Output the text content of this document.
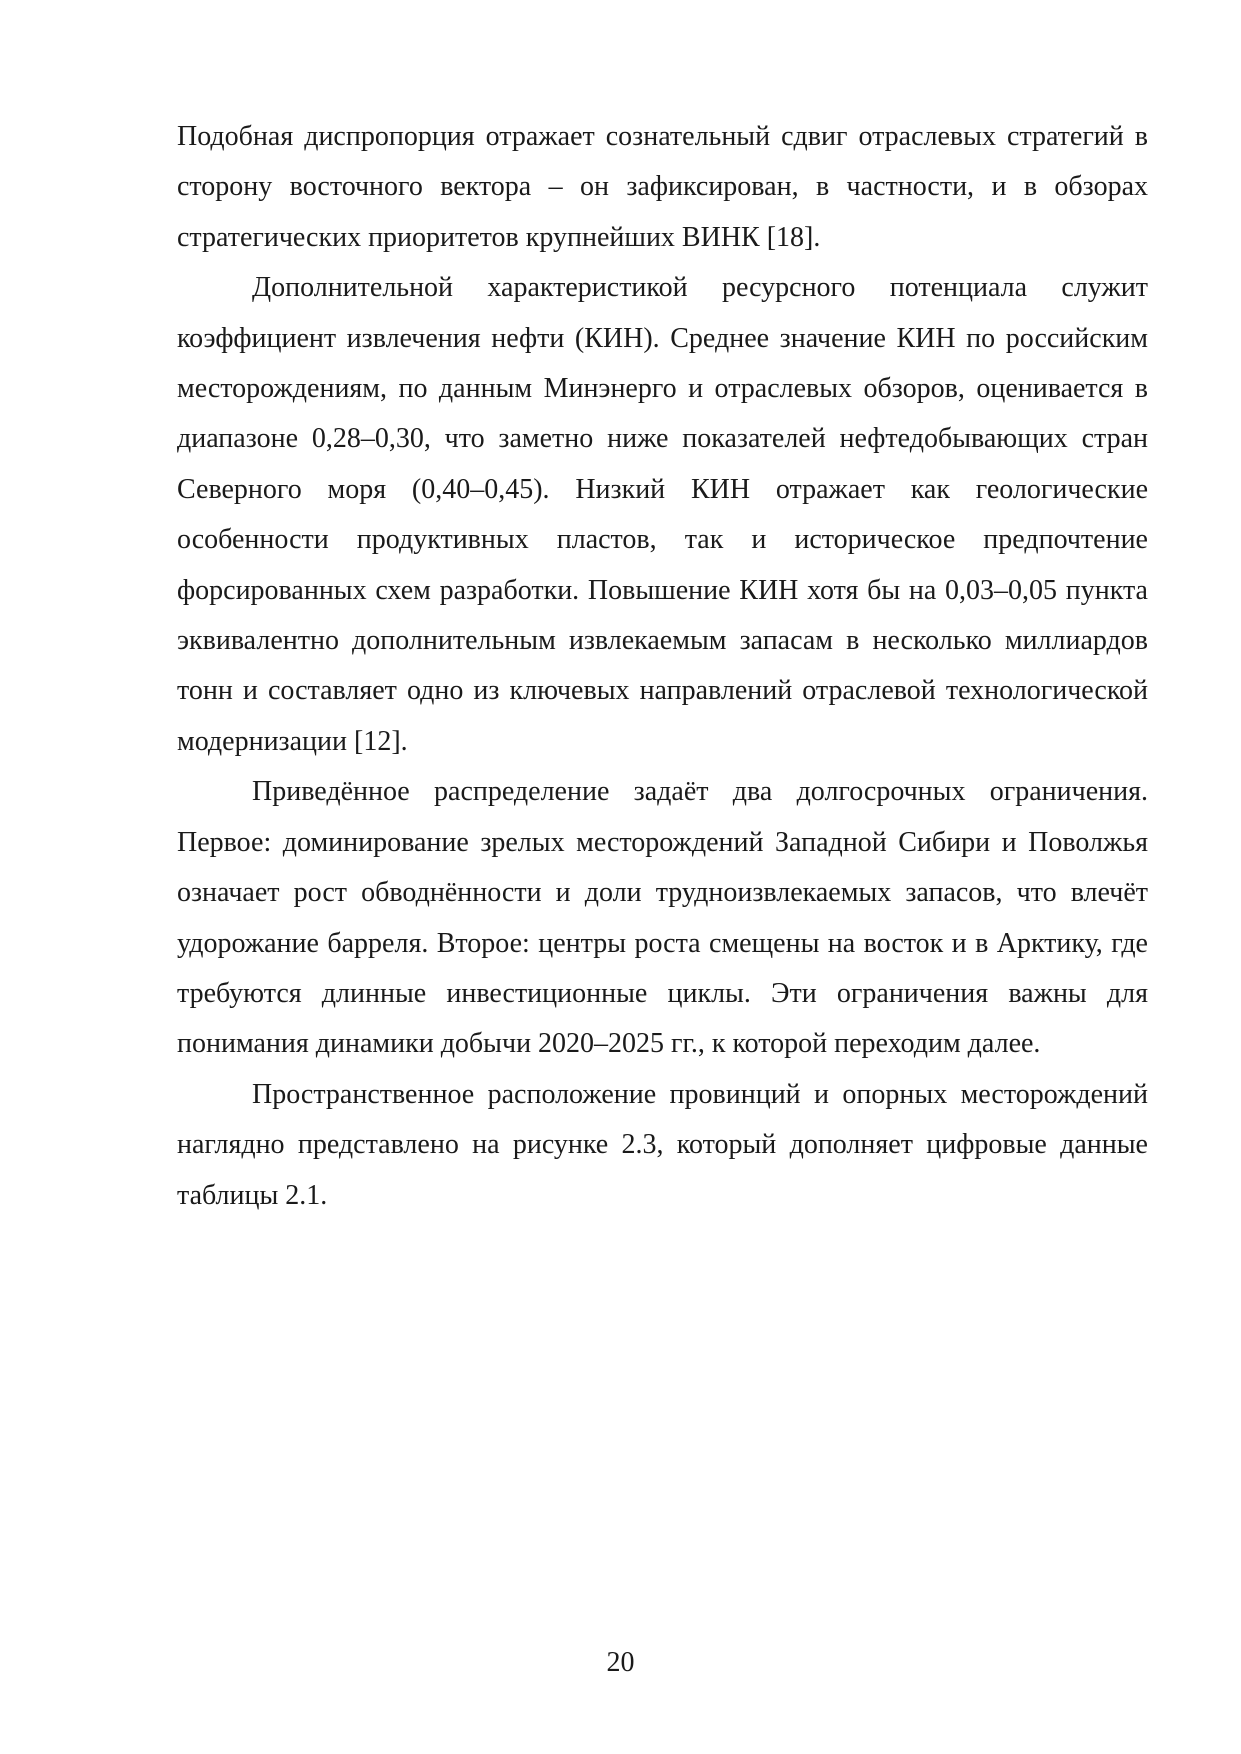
Подобная диспропорция отражает сознательный сдвиг отраслевых стратегий в сторону восточного вектора – он зафиксирован, в частности, и в обзорах стратегических приоритетов крупнейших ВИНК [18].

Дополнительной характеристикой ресурсного потенциала служит коэффициент извлечения нефти (КИН). Среднее значение КИН по российским месторождениям, по данным Минэнерго и отраслевых обзоров, оценивается в диапазоне 0,28–0,30, что заметно ниже показателей нефтедобывающих стран Северного моря (0,40–0,45). Низкий КИН отражает как геологические особенности продуктивных пластов, так и историческое предпочтение форсированных схем разработки. Повышение КИН хотя бы на 0,03–0,05 пункта эквивалентно дополнительным извлекаемым запасам в несколько миллиардов тонн и составляет одно из ключевых направлений отраслевой технологической модернизации [12].

Приведённое распределение задаёт два долгосрочных ограничения. Первое: доминирование зрелых месторождений Западной Сибири и Поволжья означает рост обводнённости и доли трудноизвлекаемых запасов, что влечёт удорожание барреля. Второе: центры роста смещены на восток и в Арктику, где требуются длинные инвестиционные циклы. Эти ограничения важны для понимания динамики добычи 2020–2025 гг., к которой переходим далее.

Пространственное расположение провинций и опорных месторождений наглядно представлено на рисунке 2.3, который дополняет цифровые данные таблицы 2.1.

20
